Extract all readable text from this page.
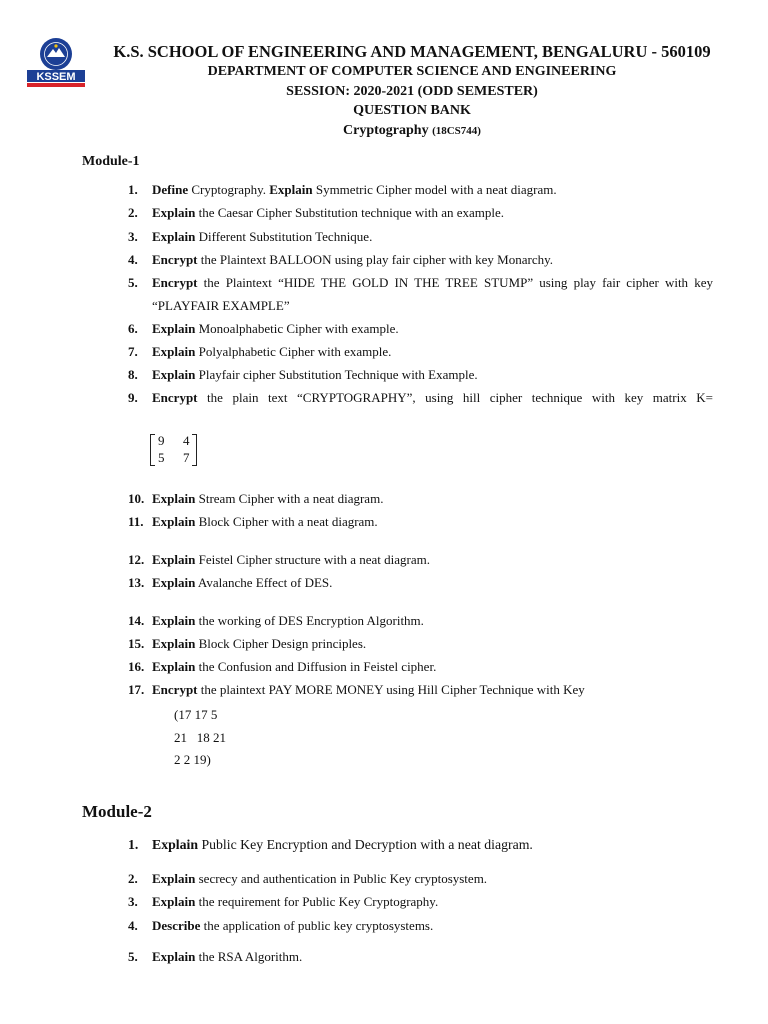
KSSEM
K.S. SCHOOL OF ENGINEERING AND MANAGEMENT, BENGALURU - 560109
DEPARTMENT OF COMPUTER SCIENCE AND ENGINEERING
SESSION: 2020-2021 (ODD SEMESTER)
QUESTION BANK
Cryptography (18CS744)
Module-1
1.	Define Cryptography. Explain Symmetric Cipher model with a neat diagram.
2.	Explain the Caesar Cipher Substitution technique with an example.
3.	Explain Different Substitution Technique.
4.	Encrypt the Plaintext BALLOON using play fair cipher with key Monarchy.
5.	Encrypt the Plaintext “HIDE THE GOLD IN THE TREE STUMP” using play fair cipher with key “PLAYFAIR EXAMPLE”
6.	Explain Monoalphabetic Cipher with example.
7.	Explain Polyalphabetic Cipher with example.
8.	Explain Playfair cipher Substitution Technique with Example.
9.	Encrypt the plain text “CRYPTOGRAPHY”, using hill cipher technique with key matrix K=
9 4
5 7
10. Explain Stream Cipher with a neat diagram.
11. Explain Block Cipher with a neat diagram.
12. Explain Feistel Cipher structure with a neat diagram.
13. Explain Avalanche Effect of DES.
14. Explain the working of DES Encryption Algorithm.
15. Explain Block Cipher Design principles.
16. Explain the Confusion and Diffusion in Feistel cipher.
17. Encrypt the plaintext PAY MORE MONEY using Hill Cipher Technique with Key
(17 17 5
21   18 21
2 2 19)
Module-2
1. Explain Public Key Encryption and Decryption with a neat diagram.
2.	Explain secrecy and authentication in Public Key cryptosystem.
3.	Explain the requirement for Public Key Cryptography.
4.	Describe the application of public key cryptosystems.
5.	Explain the RSA Algorithm.
